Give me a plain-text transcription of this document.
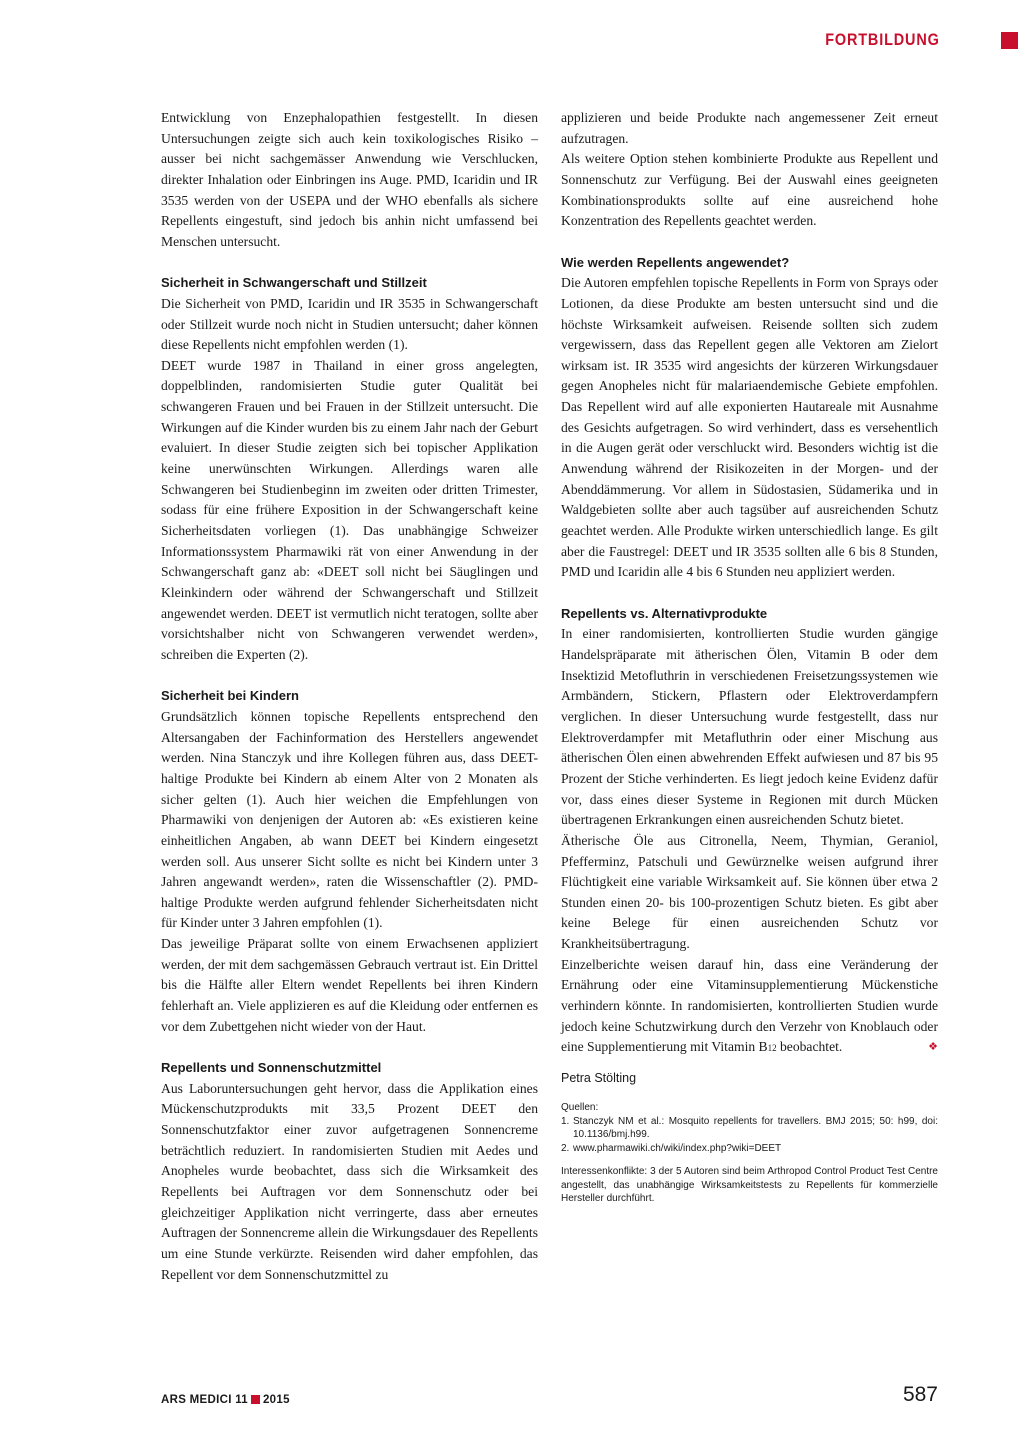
FORTBILDUNG

Entwicklung von Enzephalopathien festgestellt. In diesen Untersuchungen zeigte sich auch kein toxikologisches Risiko – ausser bei nicht sachgemässer Anwendung wie Verschlucken, direkter Inhalation oder Einbringen ins Auge. PMD, Icaridin und IR 3535 werden von der USEPA und der WHO ebenfalls als sichere Repellents eingestuft, sind jedoch bis anhin nicht umfassend bei Menschen untersucht.

Sicherheit in Schwangerschaft und Stillzeit

Die Sicherheit von PMD, Icaridin und IR 3535 in Schwangerschaft oder Stillzeit wurde noch nicht in Studien untersucht; daher können diese Repellents nicht empfohlen werden (1).

DEET wurde 1987 in Thailand in einer gross angelegten, doppelblinden, randomisierten Studie guter Qualität bei schwangeren Frauen und bei Frauen in der Stillzeit untersucht. Die Wirkungen auf die Kinder wurden bis zu einem Jahr nach der Geburt evaluiert. In dieser Studie zeigten sich bei topischer Applikation keine unerwünschten Wirkungen. Allerdings waren alle Schwangeren bei Studienbeginn im zweiten oder dritten Trimester, sodass für eine frühere Exposition in der Schwangerschaft keine Sicherheitsdaten vorliegen (1). Das unabhängige Schweizer Informationssystem Pharmawiki rät von einer Anwendung in der Schwangerschaft ganz ab: «DEET soll nicht bei Säuglingen und Kleinkindern oder während der Schwangerschaft und Stillzeit angewendet werden. DEET ist vermutlich nicht teratogen, sollte aber vorsichtshalber nicht von Schwangeren verwendet werden», schreiben die Experten (2).

Sicherheit bei Kindern

Grundsätzlich können topische Repellents entsprechend den Altersangaben der Fachinformation des Herstellers angewendet werden. Nina Stanczyk und ihre Kollegen führen aus, dass DEET-haltige Produkte bei Kindern ab einem Alter von 2 Monaten als sicher gelten (1). Auch hier weichen die Empfehlungen von Pharmawiki von denjenigen der Autoren ab: «Es existieren keine einheitlichen Angaben, ab wann DEET bei Kindern eingesetzt werden soll. Aus unserer Sicht sollte es nicht bei Kindern unter 3 Jahren angewandt werden», raten die Wissenschaftler (2). PMD-haltige Produkte werden aufgrund fehlender Sicherheitsdaten nicht für Kinder unter 3 Jahren empfohlen (1).

Das jeweilige Präparat sollte von einem Erwachsenen appliziert werden, der mit dem sachgemässen Gebrauch vertraut ist. Ein Drittel bis die Hälfte aller Eltern wendet Repellents bei ihren Kindern fehlerhaft an. Viele applizieren es auf die Kleidung oder entfernen es vor dem Zubettgehen nicht wieder von der Haut.

Repellents und Sonnenschutzmittel

Aus Laboruntersuchungen geht hervor, dass die Applikation eines Mückenschutzprodukts mit 33,5 Prozent DEET den Sonnenschutzfaktor einer zuvor aufgetragenen Sonnencreme beträchtlich reduziert. In randomisierten Studien mit Aedes und Anopheles wurde beobachtet, dass sich die Wirksamkeit des Repellents bei Auftragen vor dem Sonnenschutz oder bei gleichzeitiger Applikation nicht verringerte, dass aber erneutes Auftragen der Sonnencreme allein die Wirkungsdauer des Repellents um eine Stunde verkürzte. Reisenden wird daher empfohlen, das Repellent vor dem Sonnenschutzmittel zu

applizieren und beide Produkte nach angemessener Zeit erneut aufzutragen.

Als weitere Option stehen kombinierte Produkte aus Repellent und Sonnenschutz zur Verfügung. Bei der Auswahl eines geeigneten Kombinationsprodukts sollte auf eine ausreichend hohe Konzentration des Repellents geachtet werden.

Wie werden Repellents angewendet?

Die Autoren empfehlen topische Repellents in Form von Sprays oder Lotionen, da diese Produkte am besten untersucht sind und die höchste Wirksamkeit aufweisen. Reisende sollten sich zudem vergewissern, dass das Repellent gegen alle Vektoren am Zielort wirksam ist. IR 3535 wird angesichts der kürzeren Wirkungsdauer gegen Anopheles nicht für malariaendemische Gebiete empfohlen. Das Repellent wird auf alle exponierten Hautareale mit Ausnahme des Gesichts aufgetragen. So wird verhindert, dass es versehentlich in die Augen gerät oder verschluckt wird. Besonders wichtig ist die Anwendung während der Risikozeiten in der Morgen- und der Abenddämmerung. Vor allem in Südostasien, Südamerika und in Waldgebieten sollte aber auch tagsüber auf ausreichenden Schutz geachtet werden. Alle Produkte wirken unterschiedlich lange. Es gilt aber die Faustregel: DEET und IR 3535 sollten alle 6 bis 8 Stunden, PMD und Icaridin alle 4 bis 6 Stunden neu appliziert werden.

Repellents vs. Alternativprodukte

In einer randomisierten, kontrollierten Studie wurden gängige Handelspräparate mit ätherischen Ölen, Vitamin B oder dem Insektizid Metofluthrin in verschiedenen Freisetzungssystemen wie Armbändern, Stickern, Pflastern oder Elektroverdampfern verglichen. In dieser Untersuchung wurde festgestellt, dass nur Elektroverdampfer mit Metafluthrin oder einer Mischung aus ätherischen Ölen einen abwehrenden Effekt aufwiesen und 87 bis 95 Prozent der Stiche verhinderten. Es liegt jedoch keine Evidenz dafür vor, dass eines dieser Systeme in Regionen mit durch Mücken übertragenen Erkrankungen einen ausreichenden Schutz bietet.

Ätherische Öle aus Citronella, Neem, Thymian, Geraniol, Pfefferminz, Patschuli und Gewürznelke weisen aufgrund ihrer Flüchtigkeit eine variable Wirksamkeit auf. Sie können über etwa 2 Stunden einen 20- bis 100-prozentigen Schutz bieten. Es gibt aber keine Belege für einen ausreichenden Schutz vor Krankheitsübertragung.

Einzelberichte weisen darauf hin, dass eine Veränderung der Ernährung oder eine Vitaminsupplementierung Mückenstiche verhindern könnte. In randomisierten, kontrollierten Studien wurde jedoch keine Schutzwirkung durch den Verzehr von Knoblauch oder eine Supplementierung mit Vitamin B12 beobachtet.	❖

Petra Stölting
Quellen:
1. Stanczyk NM et al.: Mosquito repellents for travellers. BMJ 2015; 50: h99, doi: 10.1136/bmj.h99.
2. www.pharmawiki.ch/wiki/index.php?wiki=DEET
Interessenkonflikte: 3 der 5 Autoren sind beim Arthropod Control Product Test Centre angestellt, das unabhängige Wirksamkeitstests zu Repellents für kommerzielle Hersteller durchführt.
ARS MEDICI 11 2015	587
